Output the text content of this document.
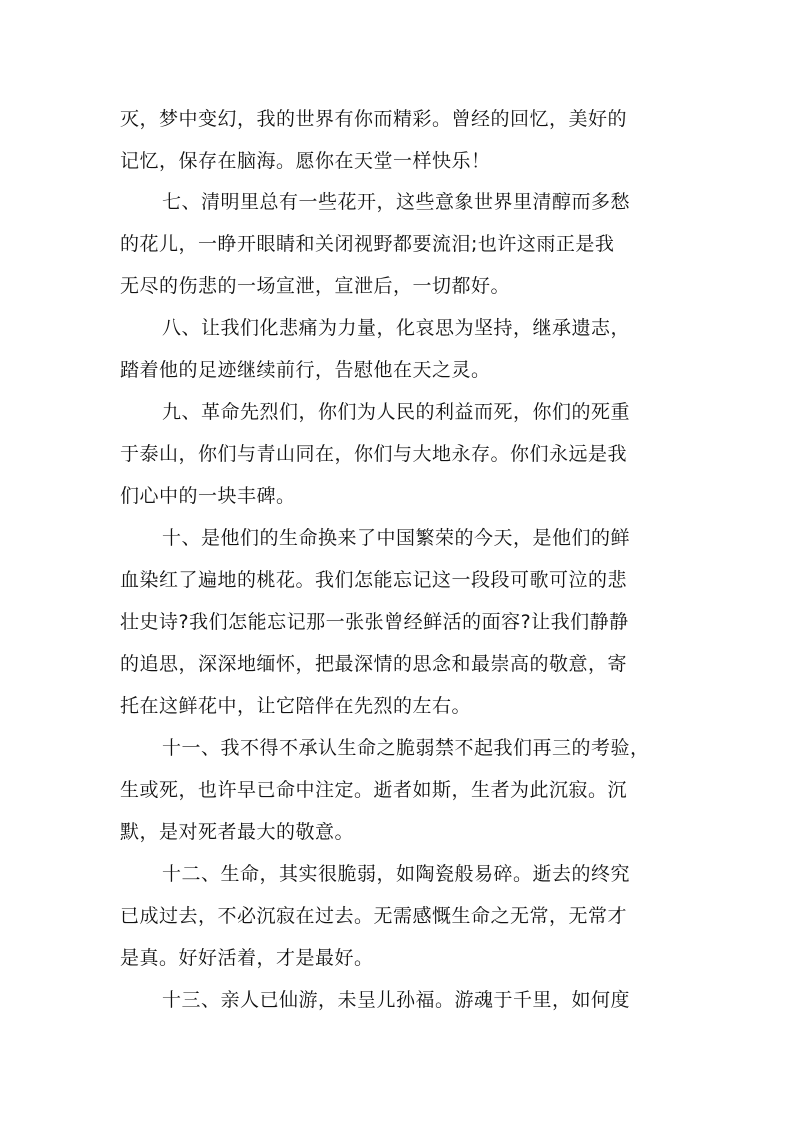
灭，梦中变幻，我的世界有你而精彩。曾经的回忆，美好的
记忆，保存在脑海。愿你在天堂一样快乐！
七、清明里总有一些花开，这些意象世界里清醇而多愁
的花儿，一睁开眼睛和关闭视野都要流泪;也许这雨正是我
无尽的伤悲的一场宣泄，宣泄后，一切都好。
八、让我们化悲痛为力量，化哀思为坚持，继承遗志，
踏着他的足迹继续前行，告慰他在天之灵。
九、革命先烈们，你们为人民的利益而死，你们的死重
于泰山，你们与青山同在，你们与大地永存。你们永远是我
们心中的一块丰碑。
十、是他们的生命换来了中国繁荣的今天，是他们的鲜
血染红了遍地的桃花。我们怎能忘记这一段段可歌可泣的悲
壮史诗?我们怎能忘记那一张张曾经鲜活的面容?让我们静静
的追思，深深地缅怀，把最深情的思念和最崇高的敬意，寄
托在这鲜花中，让它陪伴在先烈的左右。
十一、我不得不承认生命之脆弱禁不起我们再三的考验，
生或死，也许早已命中注定。逝者如斯，生者为此沉寂。沉
默，是对死者最大的敬意。
十二、生命，其实很脆弱，如陶瓷般易碎。逝去的终究
已成过去，不必沉寂在过去。无需感慨生命之无常，无常才
是真。好好活着，才是最好。
十三、亲人已仙游，未呈儿孙福。游魂于千里，如何度
